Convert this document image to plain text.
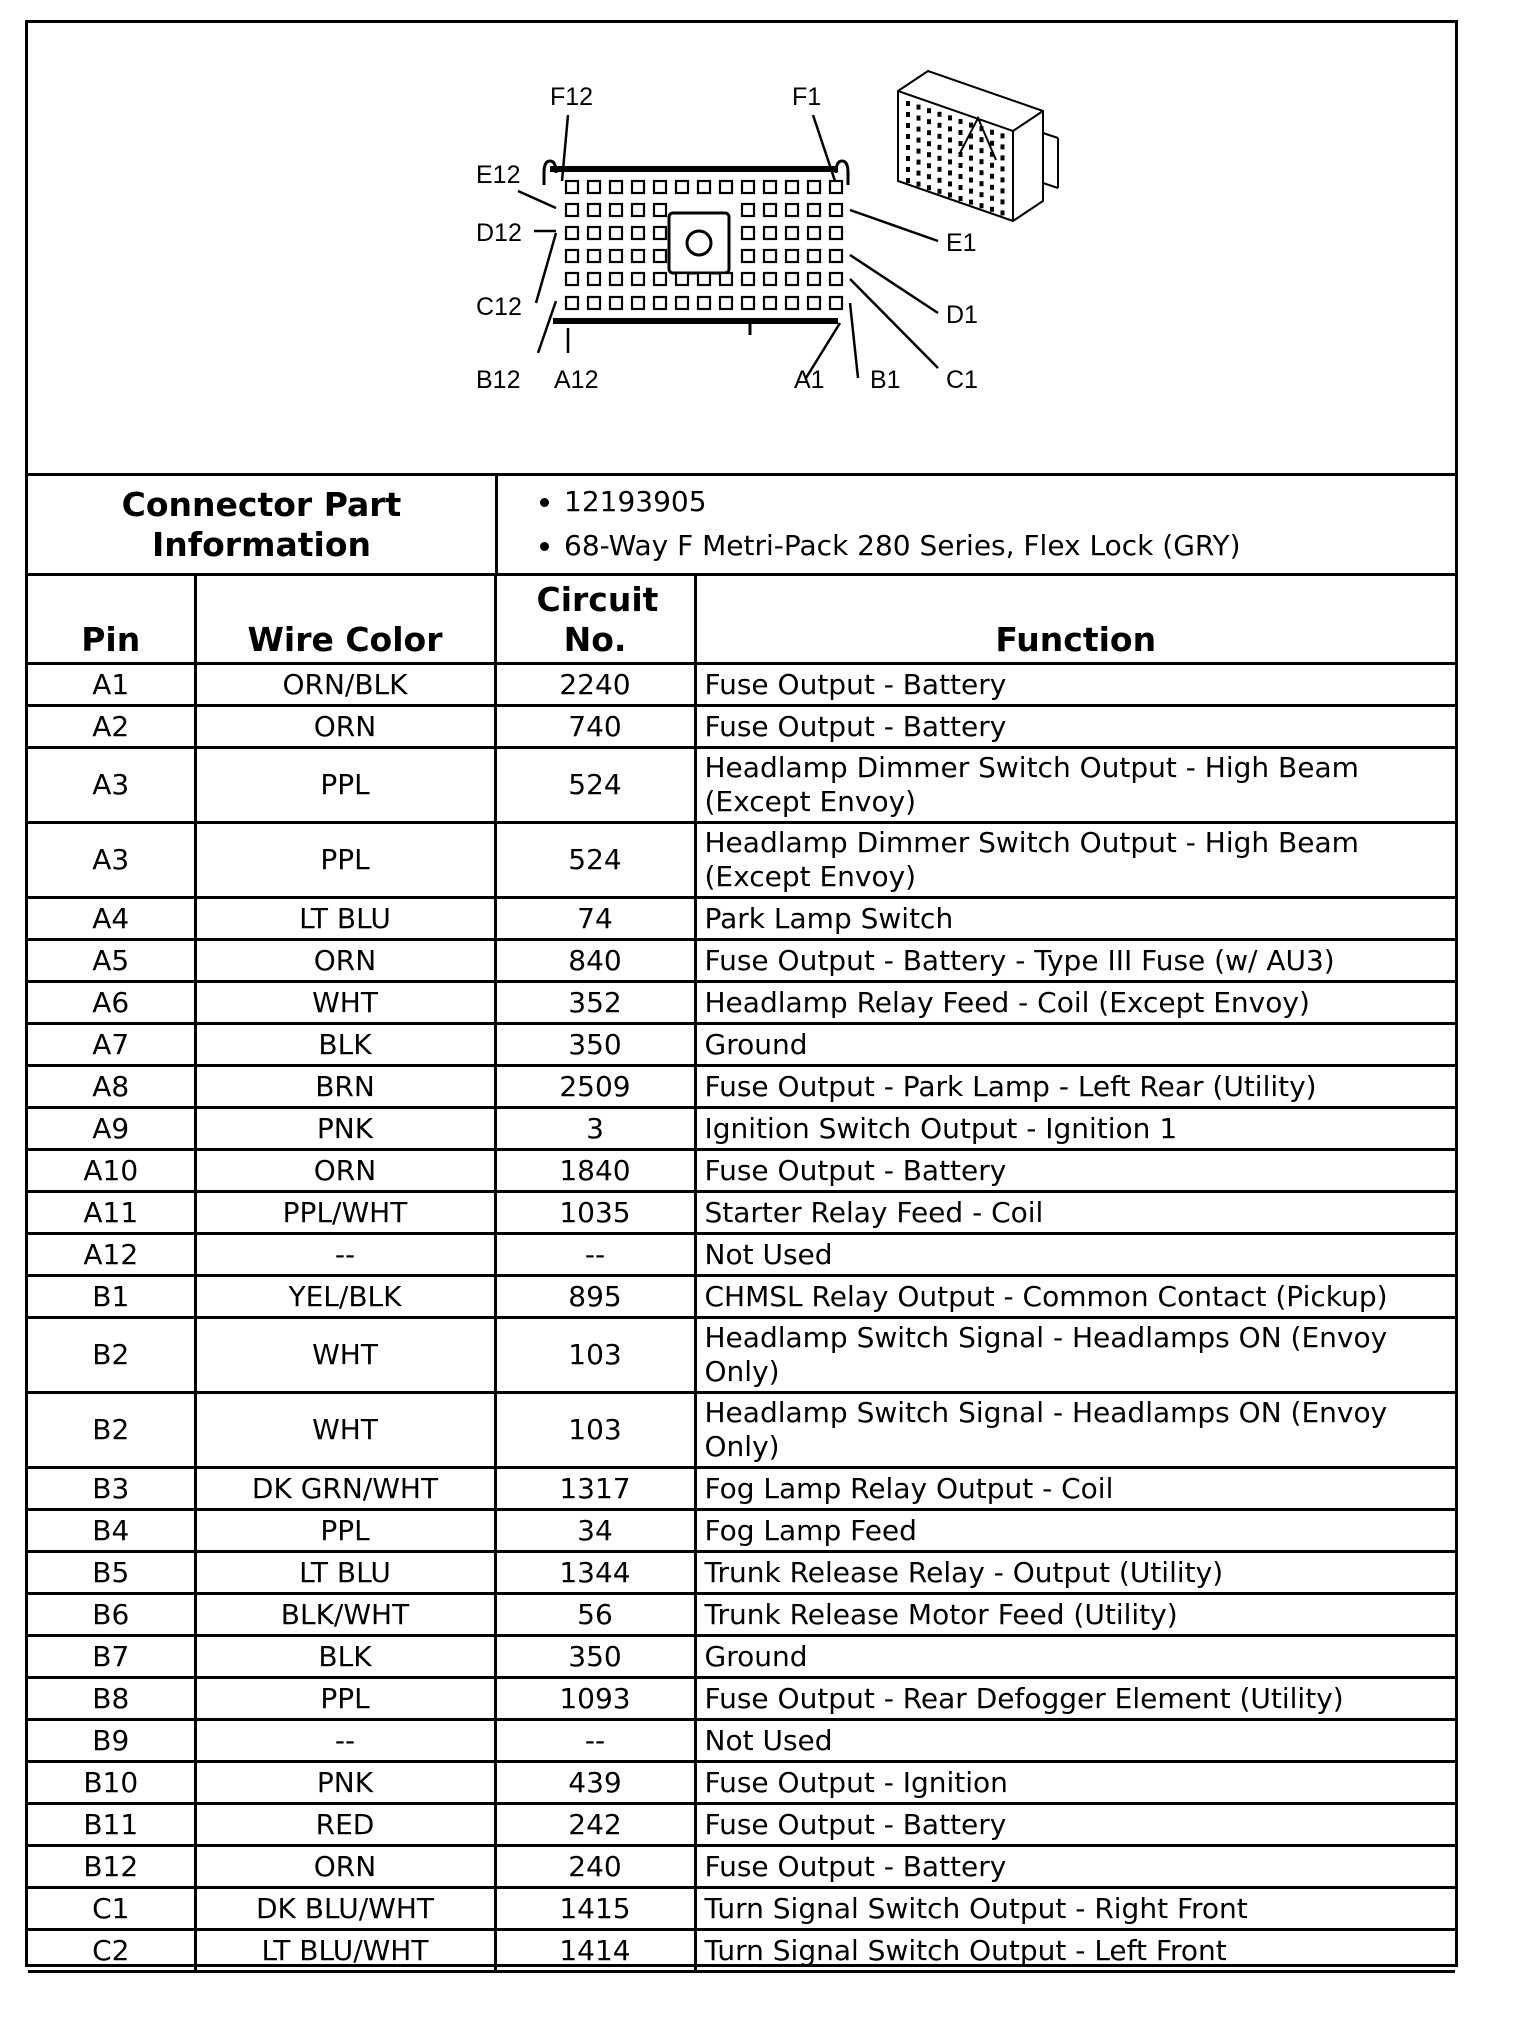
F12	F1
E12
D12
C12
B12 A12	A1 B1 C1
E1
D1
Connector Part Information
• 12193905
• 68-Way F Metri-Pack 280 Series, Flex Lock (GRY)
Pin	Wire Color	Circuit No.	Function
A1	ORN/BLK	2240	Fuse Output - Battery
A2	ORN	740	Fuse Output - Battery
A3	PPL	524	Headlamp Dimmer Switch Output - High Beam (Except Envoy)
A3	PPL	524	Headlamp Dimmer Switch Output - High Beam (Except Envoy)
A4	LT BLU	74	Park Lamp Switch
A5	ORN	840	Fuse Output - Battery - Type III Fuse (w/ AU3)
A6	WHT	352	Headlamp Relay Feed - Coil (Except Envoy)
A7	BLK	350	Ground
A8	BRN	2509	Fuse Output - Park Lamp - Left Rear (Utility)
A9	PNK	3	Ignition Switch Output - Ignition 1
A10	ORN	1840	Fuse Output - Battery
A11	PPL/WHT	1035	Starter Relay Feed - Coil
A12	--	--	Not Used
B1	YEL/BLK	895	CHMSL Relay Output - Common Contact (Pickup)
B2	WHT	103	Headlamp Switch Signal - Headlamps ON (Envoy Only)
B2	WHT	103	Headlamp Switch Signal - Headlamps ON (Envoy Only)
B3	DK GRN/WHT	1317	Fog Lamp Relay Output - Coil
B4	PPL	34	Fog Lamp Feed
B5	LT BLU	1344	Trunk Release Relay - Output (Utility)
B6	BLK/WHT	56	Trunk Release Motor Feed (Utility)
B7	BLK	350	Ground
B8	PPL	1093	Fuse Output - Rear Defogger Element (Utility)
B9	--	--	Not Used
B10	PNK	439	Fuse Output - Ignition
B11	RED	242	Fuse Output - Battery
B12	ORN	240	Fuse Output - Battery
C1	DK BLU/WHT	1415	Turn Signal Switch Output - Right Front
C2	LT BLU/WHT	1414	Turn Signal Switch Output - Left Front
